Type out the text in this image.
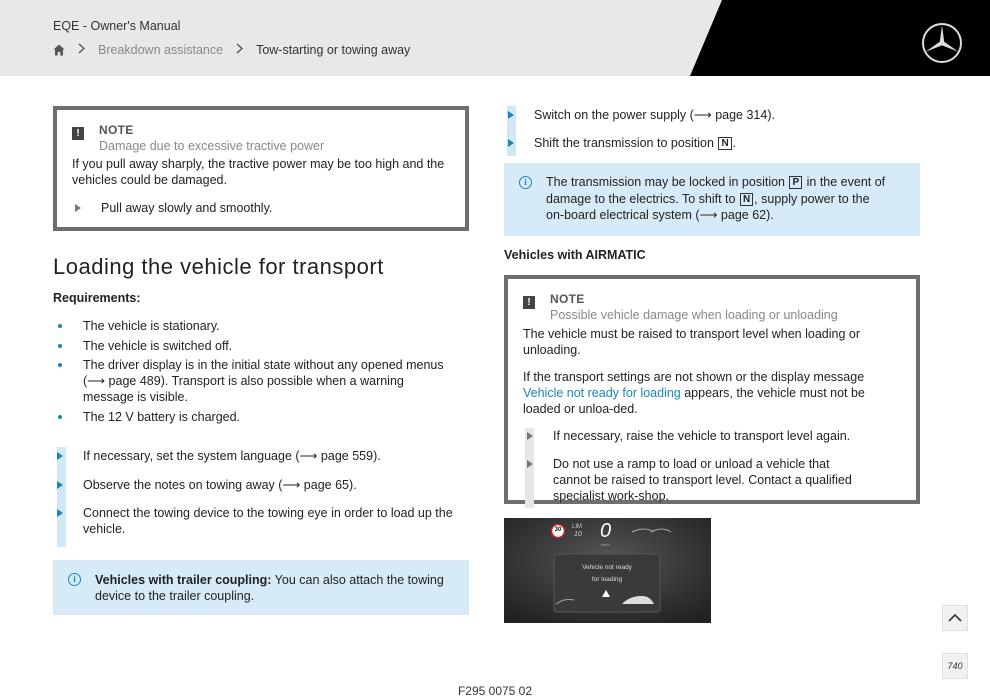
EQE - Owner's Manual
Breakdown assistance	Tow-starting or towing away
!	NOTE
Damage due to excessive tractive power
If you pull away sharply, the tractive power may be too high and the vehicles could be damaged.
Pull away slowly and smoothly.
Loading the vehicle for transport
Requirements:
The vehicle is stationary.
The vehicle is switched off.
The driver display is in the initial state without any opened menus (⟶ page 489). Transport is also possible when a warning message is visible.
The 12 V battery is charged.
If necessary, set the system language (⟶ page 559).
Observe the notes on towing away (⟶ page 65).
Connect the towing device to the towing eye in order to load up the vehicle.
i	Vehicles with trailer coupling: You can also attach the towing device to the trailer coupling.
Switch on the power supply (⟶ page 314).
Shift the transmission to position N .
i	The transmission may be locked in position P in the event of damage to the electrics. To shift to N , supply power to the on-board electrical system (⟶ page 62).
Vehicles with AIRMATIC
!	NOTE
Possible vehicle damage when loading or unloading
The vehicle must be raised to transport level when loading or unloading.
If the transport settings are not shown or the display message Vehicle not ready for loading appears, the vehicle must not be loaded or unloa-ded.
If necessary, raise the vehicle to transport level again.
Do not use a ramp to load or unload a vehicle that cannot be raised to transport level. Contact a qualified specialist work-shop.
30	LIM
10 0
km/h
Vehicle not ready
for loading
F295 0075 02
740
